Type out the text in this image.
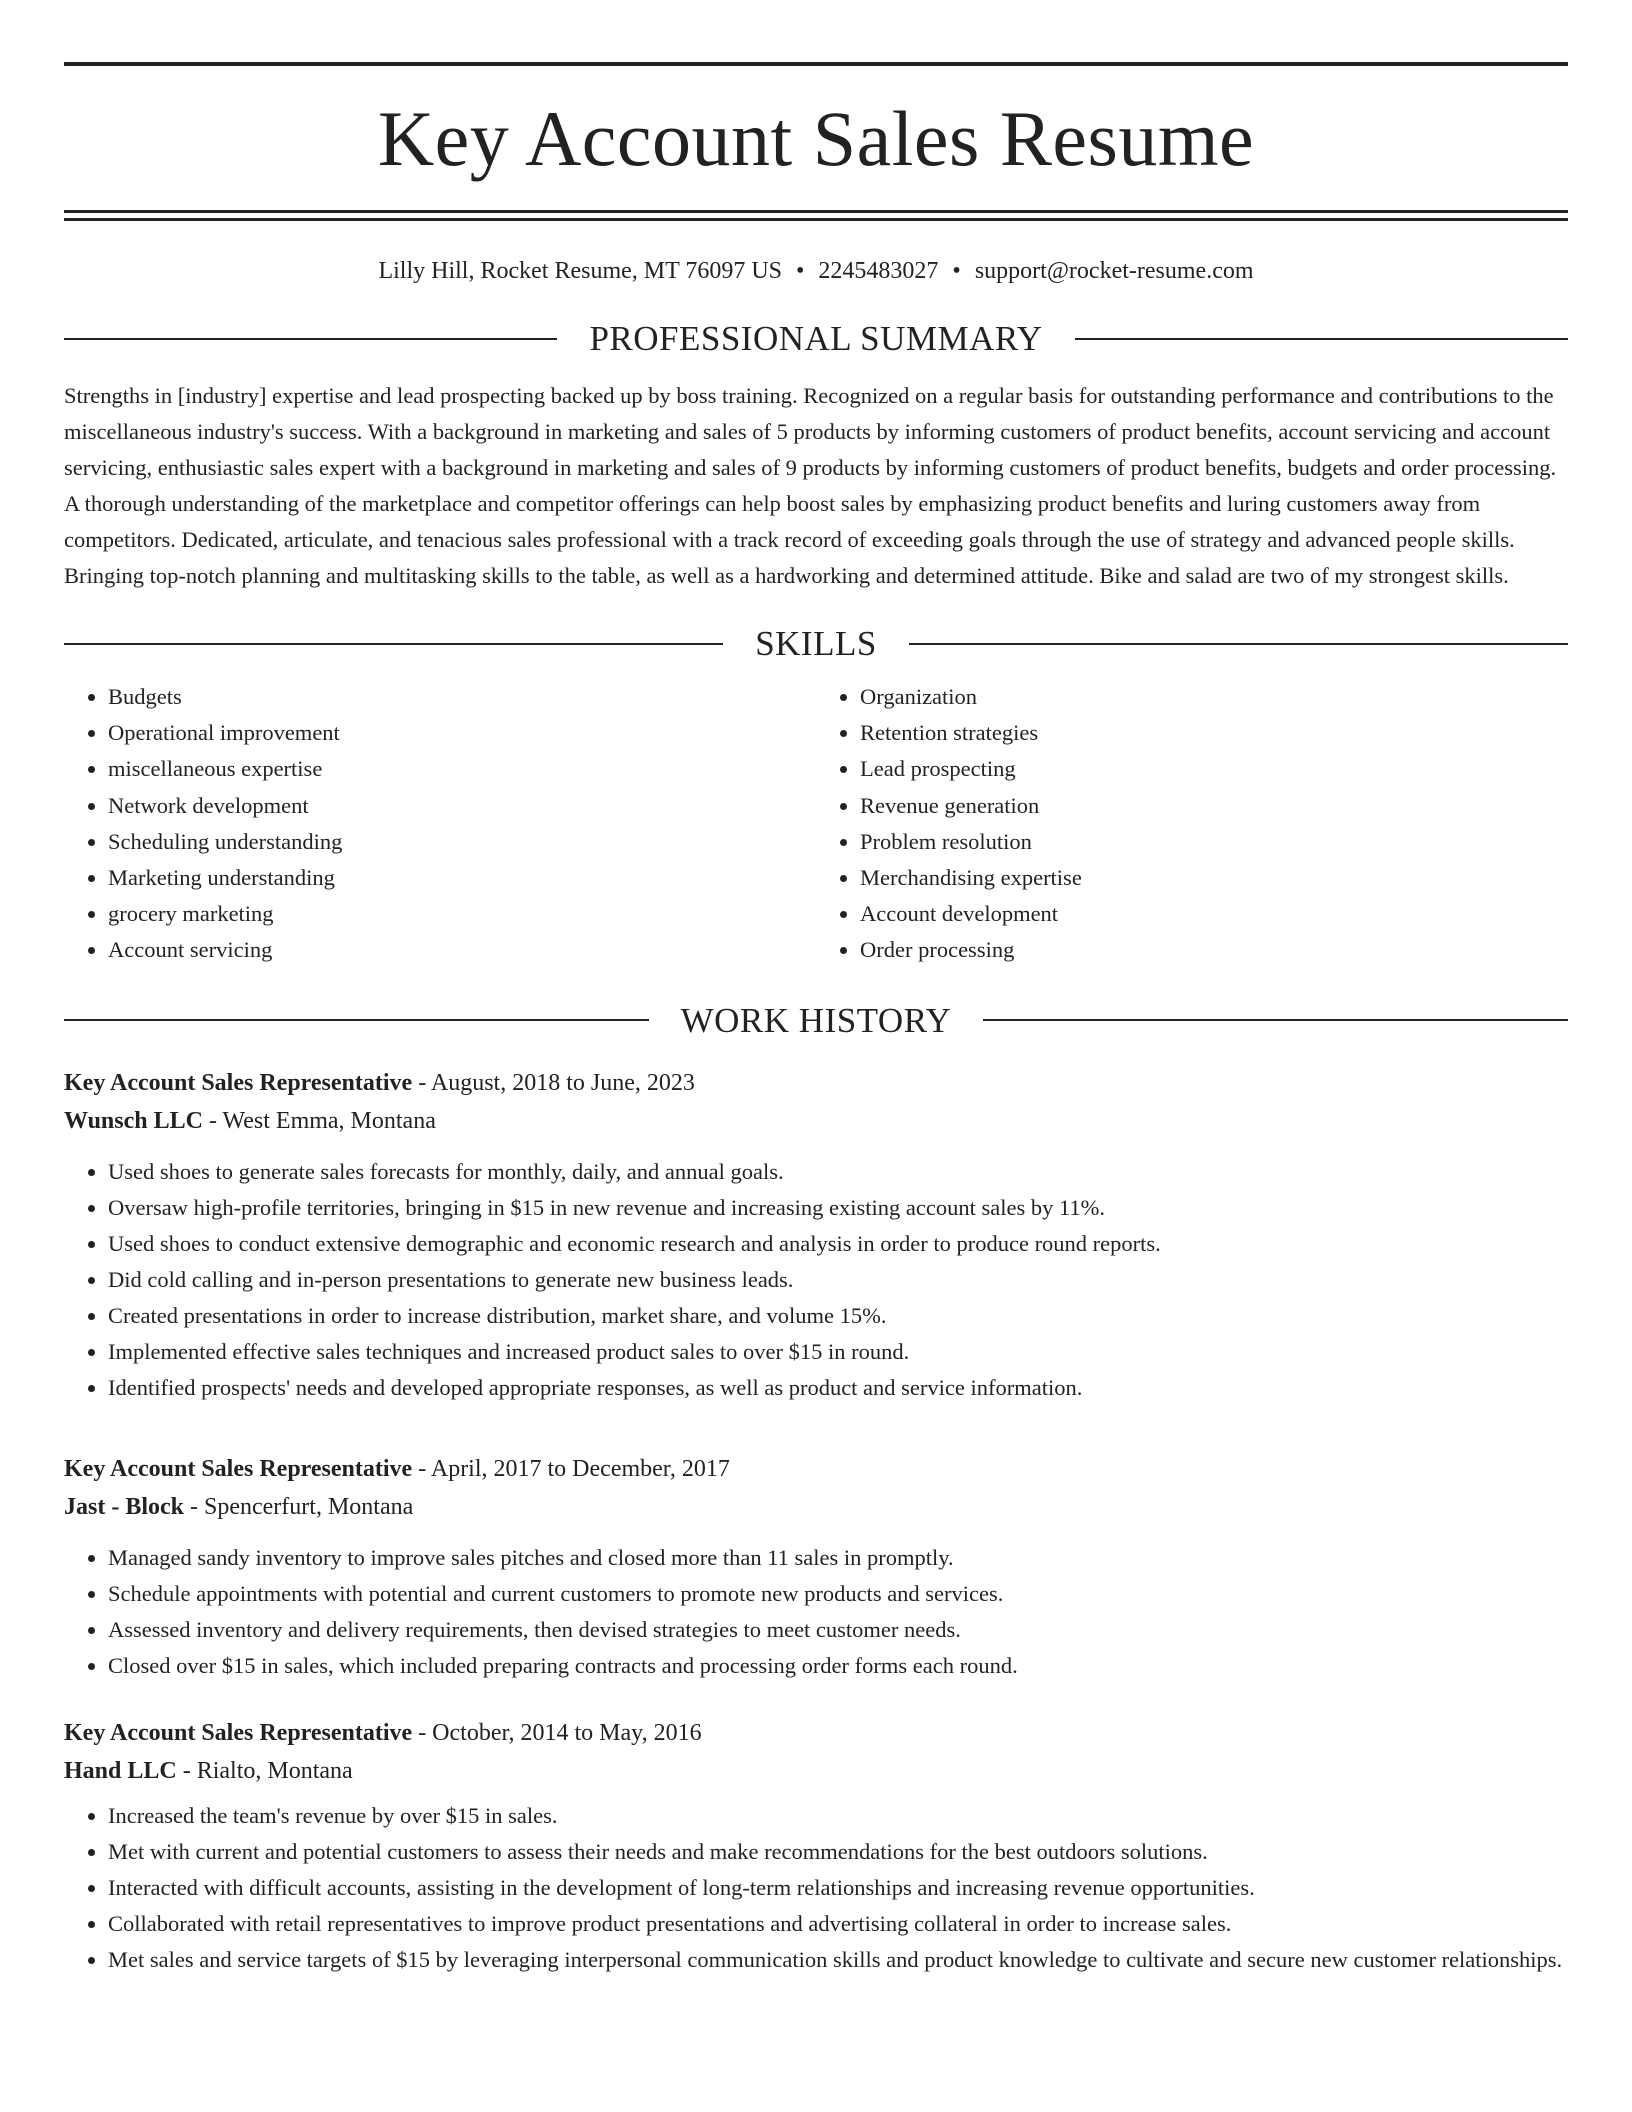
Key Account Sales Resume
Lilly Hill, Rocket Resume, MT 76097 US • 2245483027 • support@rocket-resume.com
PROFESSIONAL SUMMARY

Strengths in [industry] expertise and lead prospecting backed up by boss training. Recognized on a regular basis for outstanding performance and contributions to the miscellaneous industry's success. With a background in marketing and sales of 5 products by informing customers of product benefits, account servicing and account servicing, enthusiastic sales expert with a background in marketing and sales of 9 products by informing customers of product benefits, budgets and order processing. A thorough understanding of the marketplace and competitor offerings can help boost sales by emphasizing product benefits and luring customers away from competitors. Dedicated, articulate, and tenacious sales professional with a track record of exceeding goals through the use of strategy and advanced people skills. Bringing top-notch planning and multitasking skills to the table, as well as a hardworking and determined attitude. Bike and salad are two of my strongest skills.

SKILLS
• Budgets
• Operational improvement
• miscellaneous expertise
• Network development
• Scheduling understanding
• Marketing understanding
• grocery marketing
• Account servicing
• Organization
• Retention strategies
• Lead prospecting
• Revenue generation
• Problem resolution
• Merchandising expertise
• Account development
• Order processing
WORK HISTORY
Key Account Sales Representative - August, 2018 to June, 2023
Wunsch LLC - West Emma, Montana
• Used shoes to generate sales forecasts for monthly, daily, and annual goals.
• Oversaw high-profile territories, bringing in $15 in new revenue and increasing existing account sales by 11%.
• Used shoes to conduct extensive demographic and economic research and analysis in order to produce round reports.
• Did cold calling and in-person presentations to generate new business leads.
• Created presentations in order to increase distribution, market share, and volume 15%.
• Implemented effective sales techniques and increased product sales to over $15 in round.
• Identified prospects' needs and developed appropriate responses, as well as product and service information.
Key Account Sales Representative - April, 2017 to December, 2017
Jast - Block - Spencerfurt, Montana
• Managed sandy inventory to improve sales pitches and closed more than 11 sales in promptly.
• Schedule appointments with potential and current customers to promote new products and services.
• Assessed inventory and delivery requirements, then devised strategies to meet customer needs.
• Closed over $15 in sales, which included preparing contracts and processing order forms each round.
Key Account Sales Representative - October, 2014 to May, 2016
Hand LLC - Rialto, Montana
• Increased the team's revenue by over $15 in sales.
• Met with current and potential customers to assess their needs and make recommendations for the best outdoors solutions.
• Interacted with difficult accounts, assisting in the development of long-term relationships and increasing revenue opportunities.
• Collaborated with retail representatives to improve product presentations and advertising collateral in order to increase sales.
• Met sales and service targets of $15 by leveraging interpersonal communication skills and product knowledge to cultivate and secure new customer relationships.
